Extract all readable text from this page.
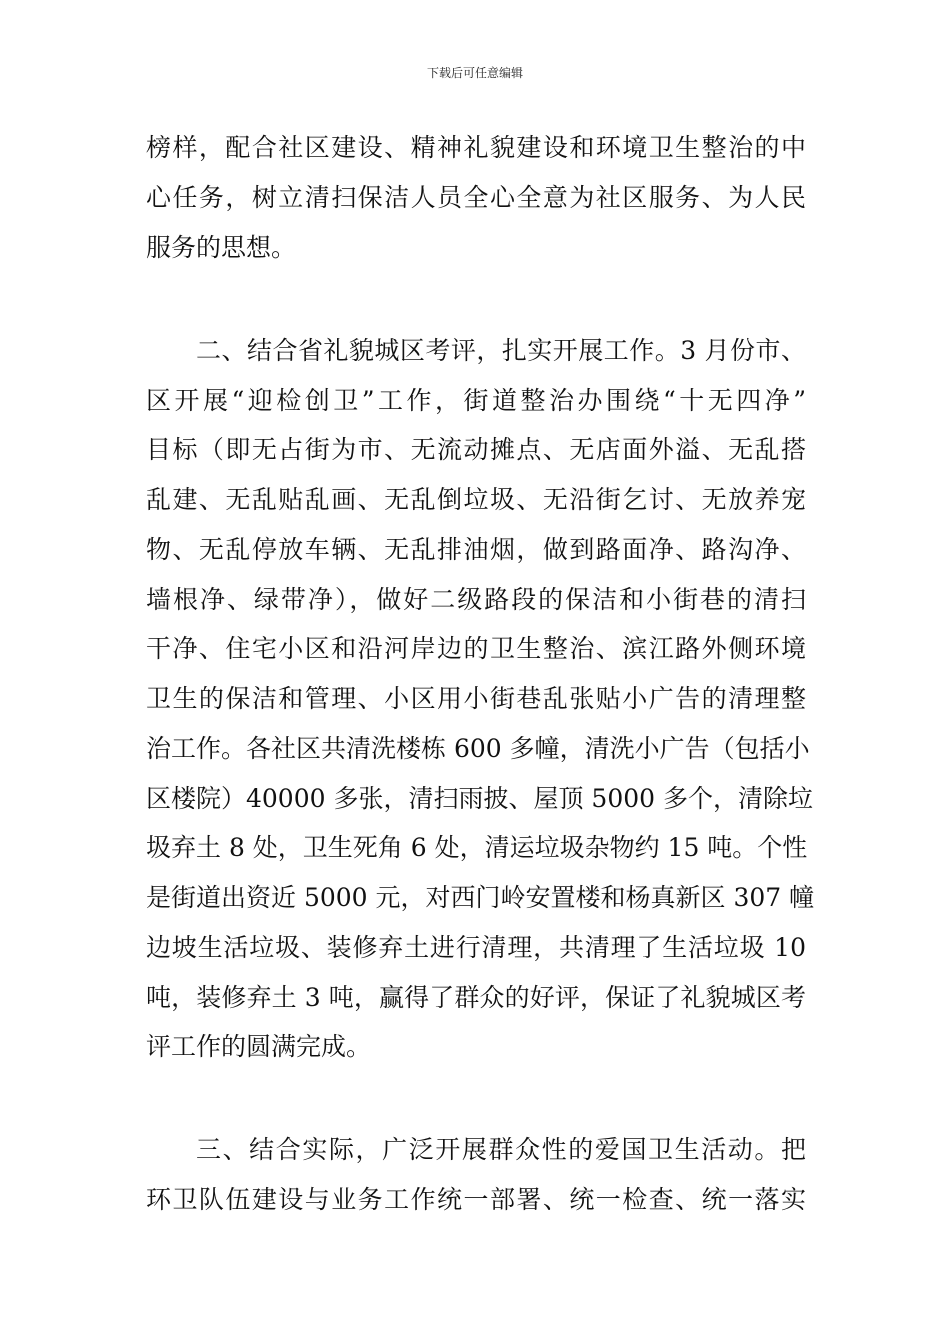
下载后可任意编辑
榜样，配合社区建设、精神礼貌建设和环境卫生整治的中
心任务，树立清扫保洁人员全心全意为社区服务、为人民
服务的思想。
二、结合省礼貌城区考评，扎实开展工作。3 月份市、
区开展“迎检创卫”工作，街道整治办围绕“十无四净”
目标（即无占街为市、无流动摊点、无店面外溢、无乱搭
乱建、无乱贴乱画、无乱倒垃圾、无沿街乞讨、无放养宠
物、无乱停放车辆、无乱排油烟，做到路面净、路沟净、
墙根净、绿带净），做好二级路段的保洁和小街巷的清扫
干净、住宅小区和沿河岸边的卫生整治、滨江路外侧环境
卫生的保洁和管理、小区用小街巷乱张贴小广告的清理整
治工作。各社区共清洗楼栋 600 多幢，清洗小广告（包括小
区楼院）40000 多张，清扫雨披、屋顶 5000 多个，清除垃
圾弃土 8 处，卫生死角 6 处，清运垃圾杂物约 15 吨。个性
是街道出资近 5000 元，对西门岭安置楼和杨真新区 307 幢
边坡生活垃圾、装修弃土进行清理，共清理了生活垃圾 10
吨，装修弃土 3 吨，赢得了群众的好评，保证了礼貌城区考
评工作的圆满完成。
三、结合实际，广泛开展群众性的爱国卫生活动。把
环卫队伍建设与业务工作统一部署、统一检查、统一落实
